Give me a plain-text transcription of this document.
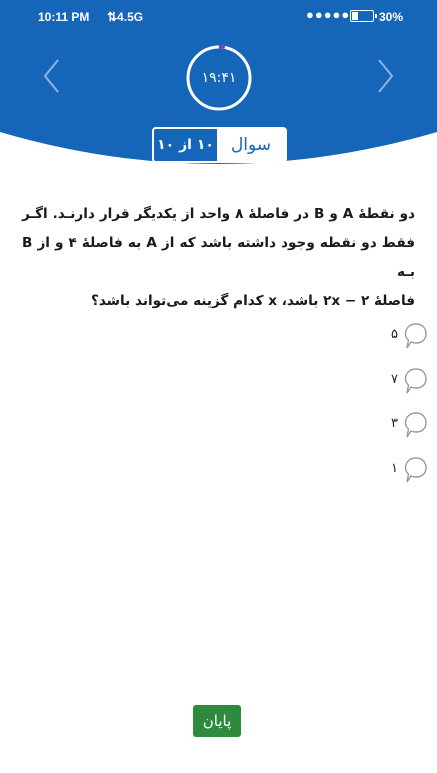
10:11 PM ⇅4.5G	●●●●● 30%
۱۹:۴۱
۱۰ از ۱۰	سوال
دو نقطهٔ A و B در فاصلهٔ ۸ واحد از یکدیگر قرار دارنـد. اگـر
فقط دو نقطه وجود داشته باشد که از A به فاصلهٔ ۴ و از B بـه
فاصلهٔ ۲ − ۲x باشد، x کدام گزینه می‌تواند باشد؟
۵
۷
۳
۱
پایان
